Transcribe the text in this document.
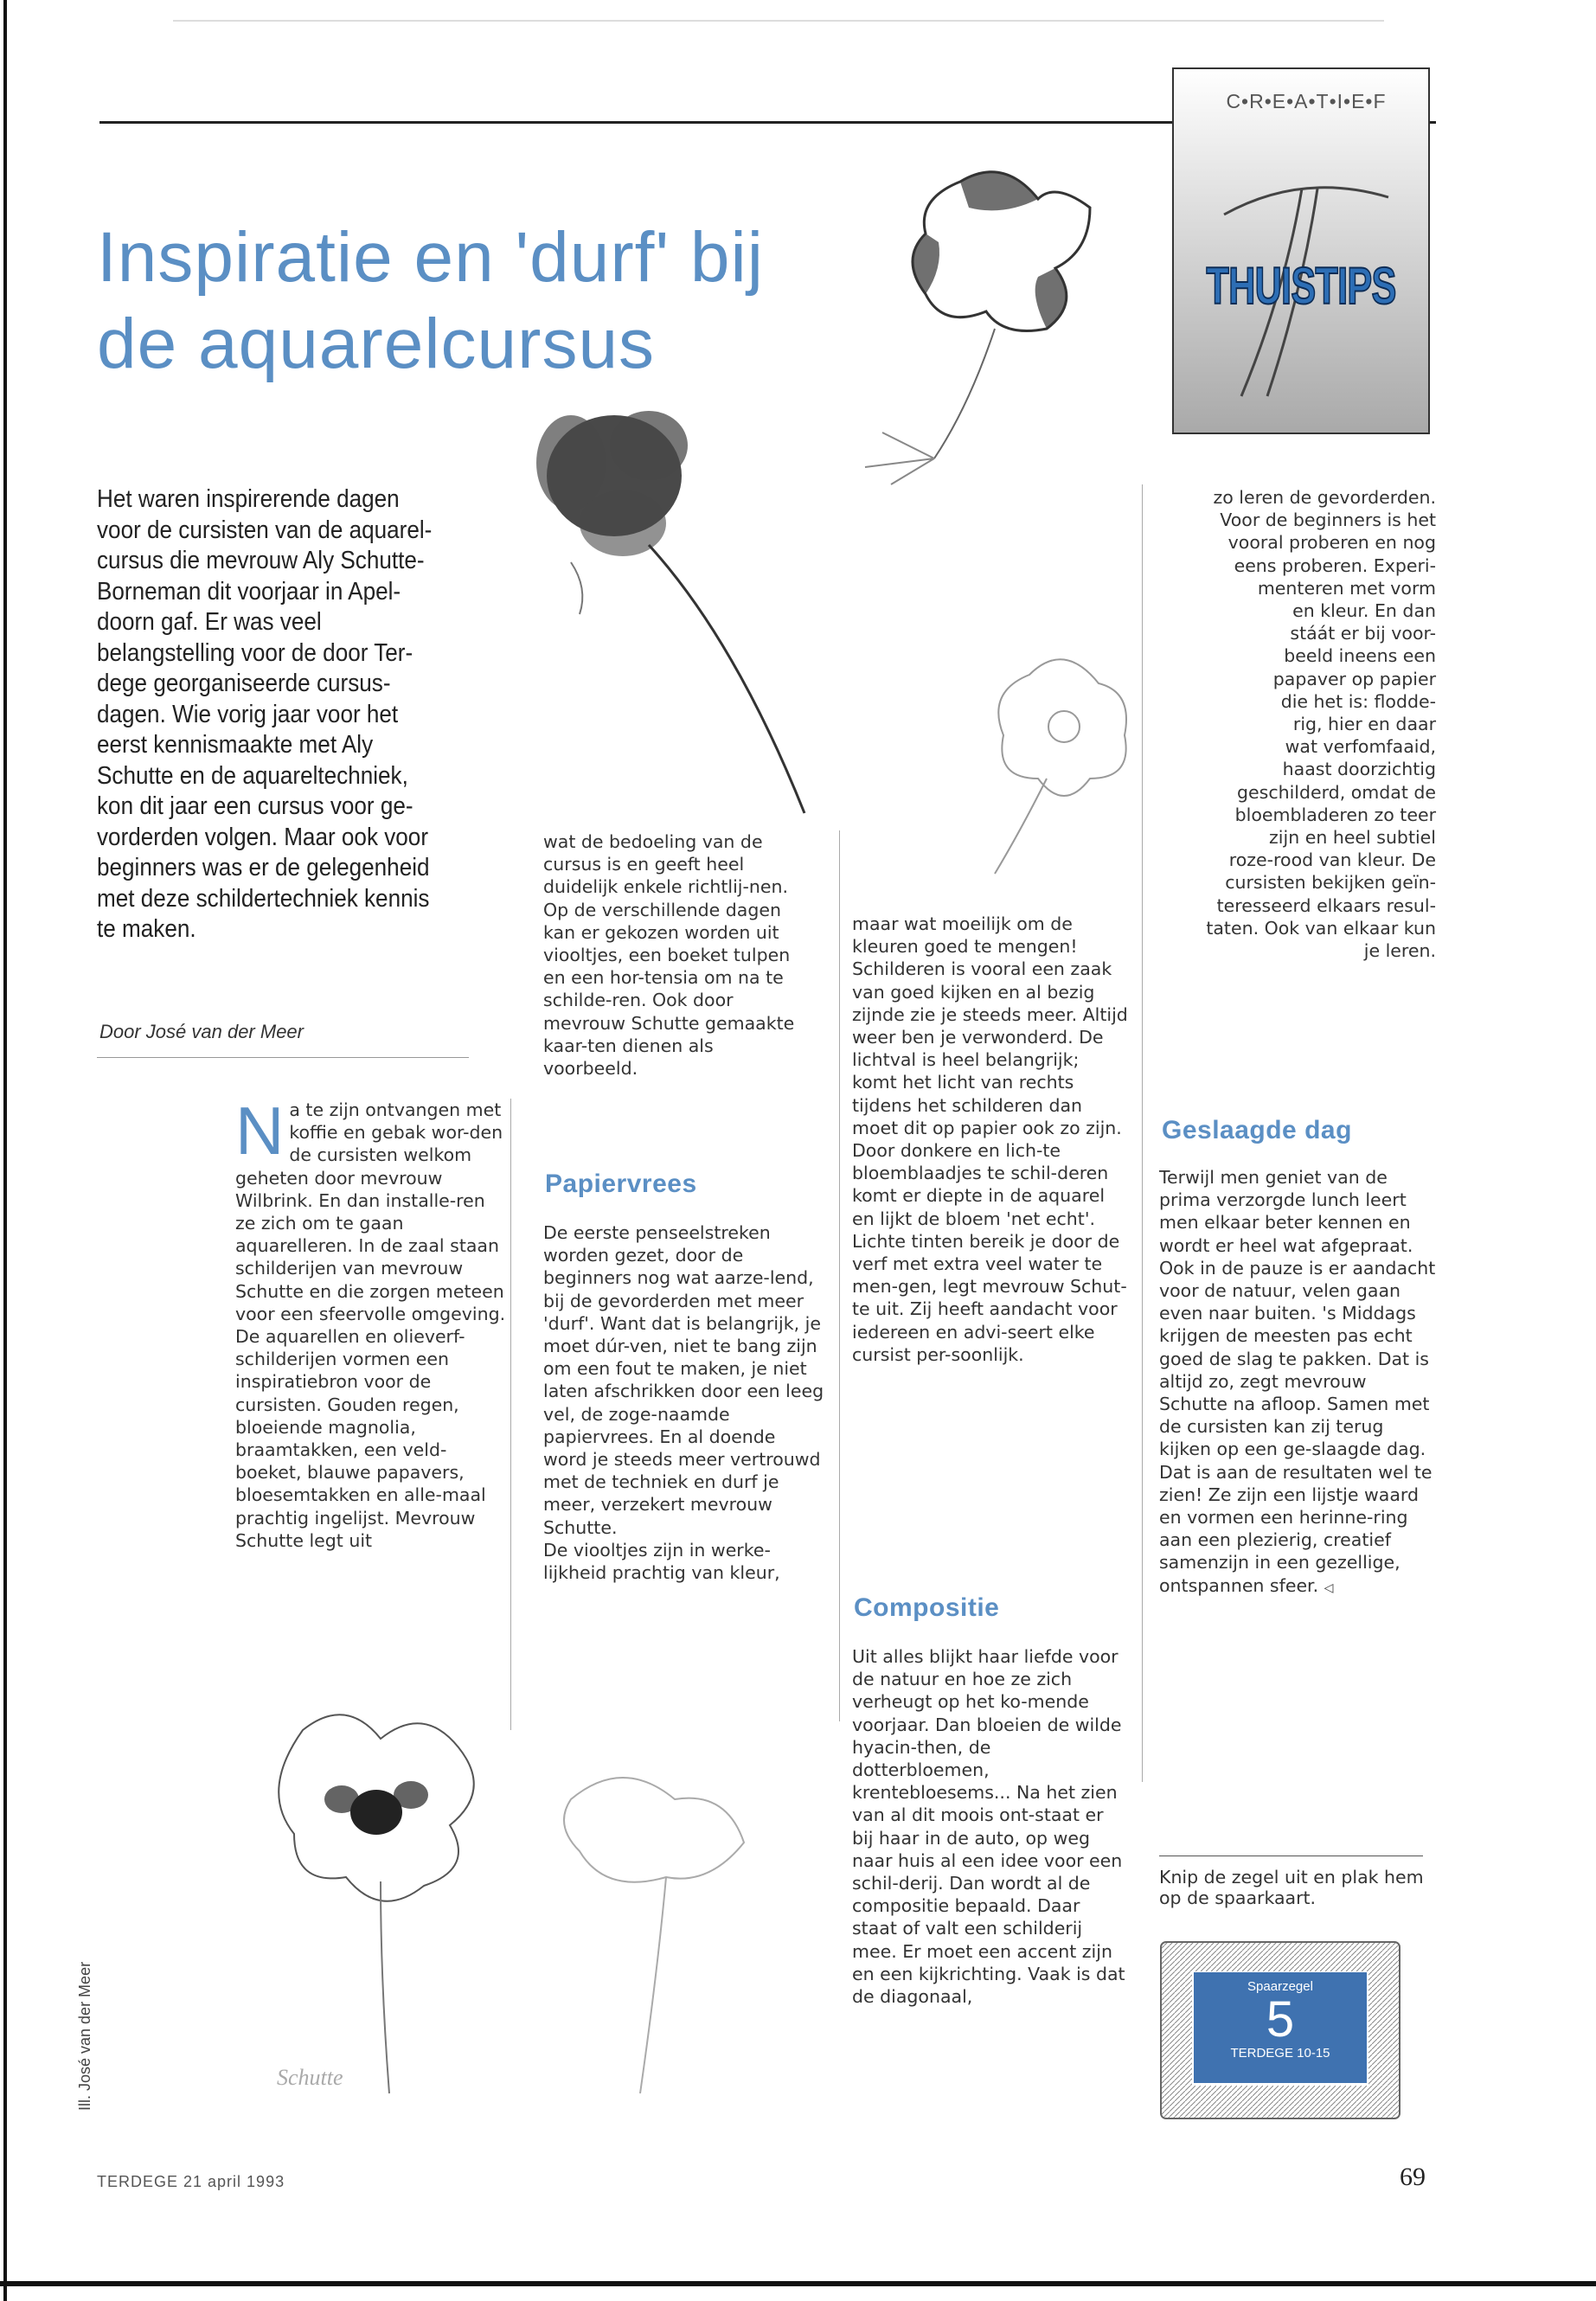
C•R•E•A•T•I•E•F
THUISTIPS
Inspiratie en 'durf' bij
de aquarelcursus
Schutte
Het waren inspirerende dagen voor de cursisten van de aquarel-cursus die mevrouw Aly Schutte-Borneman dit voorjaar in Apel-doorn gaf. Er was veel belangstelling voor de door Ter-dege georganiseerde cursus-dagen. Wie vorig jaar voor het eerst kennismaakte met Aly Schutte en de aquareltechniek, kon dit jaar een cursus voor ge-vorderden volgen. Maar ook voor beginners was er de gelegenheid met deze schildertechniek kennis te maken.
Door José van der Meer
N a te zijn ontvangen met koffie en gebak wor-den de cursisten welkom geheten door mevrouw Wilbrink. En dan installe-ren ze zich om te gaan aquarelleren. In de zaal staan schilderijen van mevrouw Schutte en die zorgen meteen voor een sfeervolle omgeving. De aquarellen en olieverf-schilderijen vormen een inspiratiebron voor de cursisten. Gouden regen, bloeiende magnolia, braamtakken, een veld-boeket, blauwe papavers, bloesemtakken en alle-maal prachtig ingelijst. Mevrouw Schutte legt uit

wat de bedoeling van de cursus is en geeft heel duidelijk enkele richtlij-nen. Op de verschillende dagen kan er gekozen worden uit viooltjes, een boeket tulpen en een hor-tensia om na te schilde-ren. Ook door mevrouw Schutte gemaakte kaar-ten dienen als voorbeeld.

Papiervrees

De eerste penseelstreken worden gezet, door de beginners nog wat aarze-lend, bij de gevorderden met meer 'durf'. Want dat is belangrijk, je moet dúr-ven, niet te bang zijn om een fout te maken, je niet laten afschrikken door een leeg vel, de zoge-naamde papiervrees. En al doende word je steeds meer vertrouwd met de techniek en durf je meer, verzekert mevrouw Schutte.

De viooltjes zijn in werke-lijkheid prachtig van kleur,

maar wat moeilijk om de kleuren goed te mengen! Schilderen is vooral een zaak van goed kijken en al bezig zijnde zie je steeds meer. Altijd weer ben je verwonderd. De lichtval is heel belangrijk; komt het licht van rechts tijdens het schilderen dan moet dit op papier ook zo zijn. Door donkere en lich-te bloemblaadjes te schil-deren komt er diepte in de aquarel en lijkt de bloem 'net echt'. Lichte tinten bereik je door de verf met extra veel water te men-gen, legt mevrouw Schut-te uit. Zij heeft aandacht voor iedereen en advi-seert elke cursist per-soonlijk.

Compositie

Uit alles blijkt haar liefde voor de natuur en hoe ze zich verheugt op het ko-mende voorjaar. Dan bloeien de wilde hyacin-then, de dotterbloemen, krentebloesems... Na het zien van al dit moois ont-staat er bij haar in de auto, op weg naar huis al een idee voor een schil-derij. Dan wordt al de compositie bepaald. Daar staat of valt een schilderij mee. Er moet een accent zijn en een kijkrichting. Vaak is dat de diagonaal,

zo leren de gevorderden.
Voor de beginners is het
vooral proberen en nog
eens proberen. Experi-
menteren met vorm
en kleur. En dan
stáát er bij voor-
beeld ineens een
papaver op papier
die het is: flodde-
rig, hier en daar
wat verfomfaaid,
haast doorzichtig
geschilderd, omdat de
bloembladeren zo teer
zijn en heel subtiel
roze-rood van kleur. De
cursisten bekijken geïn-
teresseerd elkaars resul-
taten. Ook van elkaar kun
je leren.
Geslaagde dag

Terwijl men geniet van de prima verzorgde lunch leert men elkaar beter kennen en wordt er heel wat afgepraat. Ook in de pauze is er aandacht voor de natuur, velen gaan even naar buiten. 's Middags krijgen de meesten pas echt goed de slag te pakken. Dat is altijd zo, zegt mevrouw Schutte na afloop. Samen met de cursisten kan zij terug kijken op een ge-slaagde dag. Dat is aan de resultaten wel te zien! Ze zijn een lijstje waard en vormen een herinne-ring aan een plezierig, creatief samenzijn in een gezellige, ontspannen sfeer. ◁

Knip de zegel uit en plak hem op de spaarkaart.
Spaarzegel
5
TERDEGE 10-15
Ill. José van der Meer
TERDEGE 21 april 1993	69
